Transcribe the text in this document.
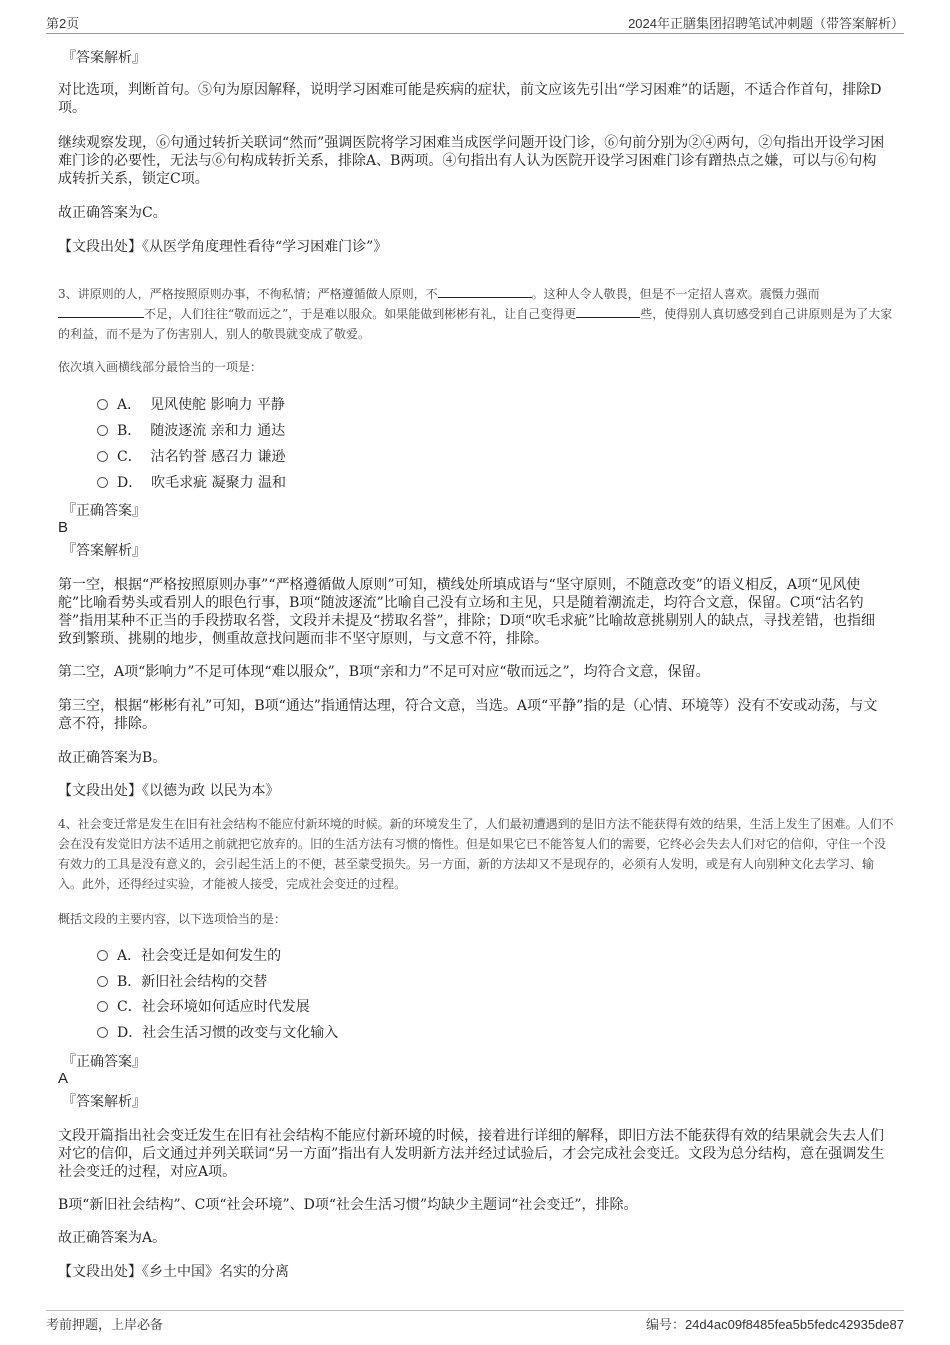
第2页	2024年正膳集团招聘笔试冲刺题（带答案解析）
『答案解析』
对比选项，判断首句。⑤句为原因解释，说明学习困难可能是疾病的症状，前文应该先引出“学习困难”的话题，不适合作首句，排除D项。
继续观察发现，⑥句通过转折关联词“然而”强调医院将学习困难当成医学问题开设门诊，⑥句前分别为②④两句，②句指出开设学习困难门诊的必要性，无法与⑥句构成转折关系，排除A、B两项。④句指出有人认为医院开设学习困难门诊有蹭热点之嫌，可以与⑥句构成转折关系，锁定C项。
故正确答案为C。
【文段出处】《从医学角度理性看待“学习困难门诊”》
3、讲原则的人，严格按照原则办事，不徇私情；严格遵循做人原则，不	。这种人令人敬畏，但是不一定招人喜欢。震慑力强而不足，人们往往“敬而远之”，于是难以服众。如果能做到彬彬有礼，让自己变得更	些，使得别人真切感受到自己讲原则是为了大家的利益，而不是为了伤害别人，别人的敬畏就变成了敬爱。
依次填入画横线部分最恰当的一项是：
A． 见风使舵 影响力 平静
B． 随波逐流 亲和力 通达
C． 沽名钓誉 感召力 谦逊
D． 吹毛求疵 凝聚力 温和
『正确答案』
B
『答案解析』
第一空，根据“严格按照原则办事”“严格遵循做人原则”可知，横线处所填成语与“坚守原则，不随意改变”的语义相反，A项“见风使舵”比喻看势头或看别人的眼色行事，B项“随波逐流”比喻自己没有立场和主见，只是随着潮流走，均符合文意，保留。C项“沽名钓誉”指用某种不正当的手段捞取名誉，文段并未提及“捞取名誉”，排除；D项“吹毛求疵”比喻故意挑剔别人的缺点，寻找差错，也指细致到繁琐、挑剔的地步，侧重故意找问题而非不坚守原则，与文意不符，排除。
第二空，A项“影响力”不足可体现“难以服众”，B项“亲和力”不足可对应“敬而远之”，均符合文意，保留。
第三空，根据“彬彬有礼”可知，B项“通达”指通情达理，符合文意，当选。A项“平静”指的是（心情、环境等）没有不安或动荡，与文意不符，排除。
故正确答案为B。
【文段出处】《以德为政 以民为本》
4、社会变迁常是发生在旧有社会结构不能应付新环境的时候。新的环境发生了，人们最初遭遇到的是旧方法不能获得有效的结果，生活上发生了困难。人们不会在没有发觉旧方法不适用之前就把它放弃的。旧的生活方法有习惯的惰性。但是如果它已不能答复人们的需要，它终必会失去人们对它的信仰，守住一个没有效力的工具是没有意义的，会引起生活上的不便，甚至蒙受损失。另一方面，新的方法却又不是现存的，必须有人发明，或是有人向别种文化去学习、输入。此外，还得经过实验，才能被人接受，完成社会变迁的过程。
概括文段的主要内容，以下选项恰当的是：
A．社会变迁是如何发生的
B．新旧社会结构的交替
C．社会环境如何适应时代发展
D．社会生活习惯的改变与文化输入
『正确答案』
A
『答案解析』
文段开篇指出社会变迁发生在旧有社会结构不能应付新环境的时候，接着进行详细的解释，即旧方法不能获得有效的结果就会失去人们对它的信仰，后文通过并列关联词“另一方面”指出有人发明新方法并经过试验后，才会完成社会变迁。文段为总分结构，意在强调发生社会变迁的过程，对应A项。
B项“新旧社会结构”、C项“社会环境”、D项“社会生活习惯”均缺少主题词“社会变迁”，排除。
故正确答案为A。
【文段出处】《乡土中国》名实的分离
考前押题，上岸必备	编号：24d4ac09f8485fea5b5fedc42935de87
